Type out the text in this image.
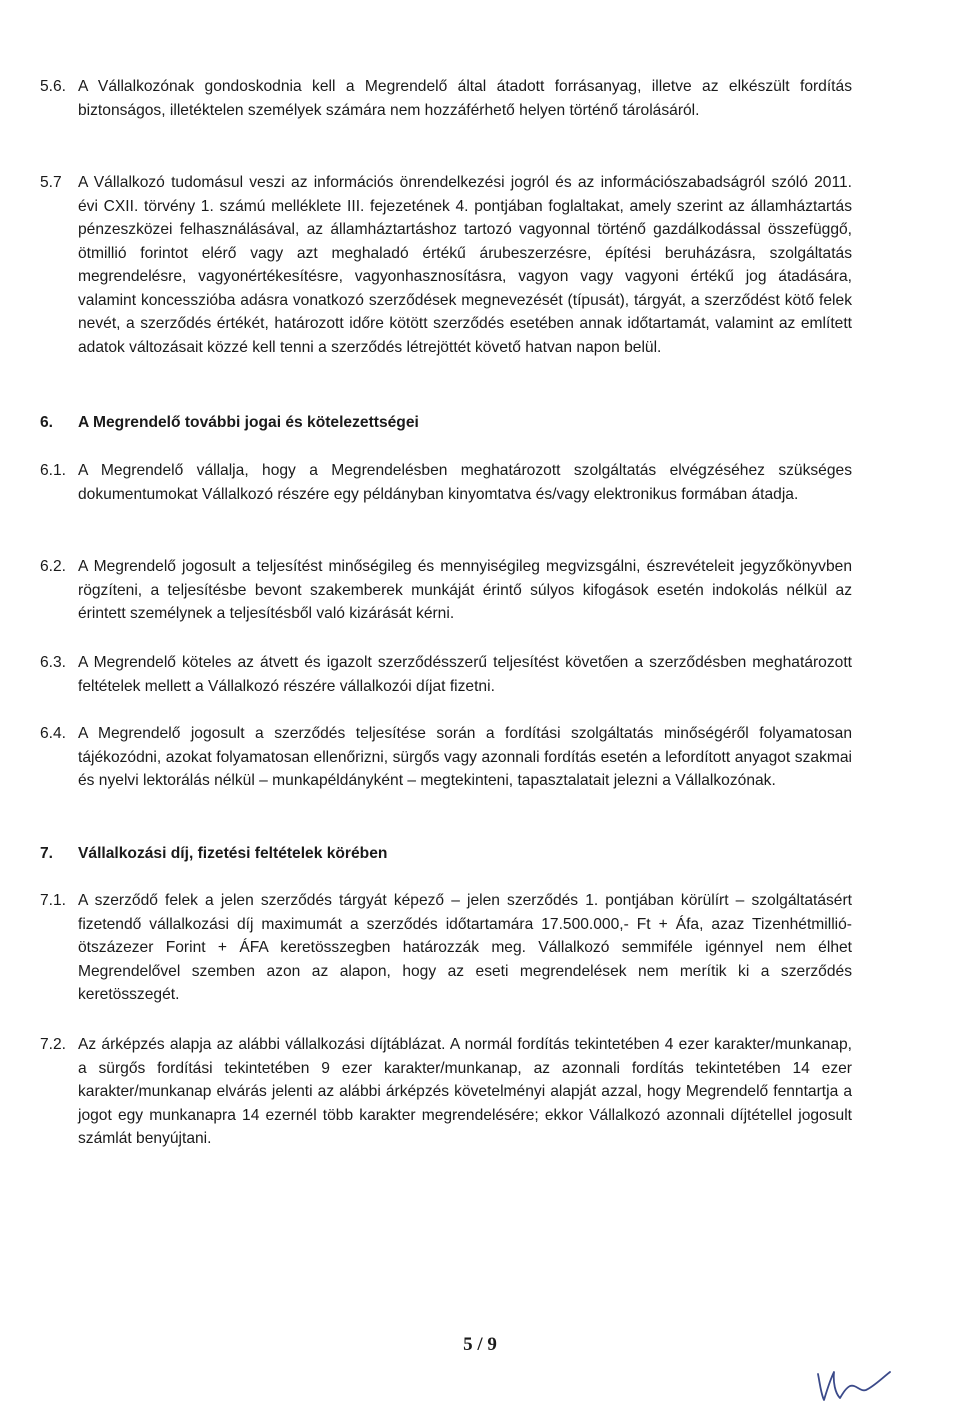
5.6. A Vállalkozónak gondoskodnia kell a Megrendelő által átadott forrásanyag, illetve az elkészült fordítás biztonságos, illetéktelen személyek számára nem hozzáférhető helyen történő tárolásáról.
5.7 A Vállalkozó tudomásul veszi az információs önrendelkezési jogról és az információszabadságról szóló 2011. évi CXII. törvény 1. számú melléklete III. fejezetének 4. pontjában foglaltakat, amely szerint az államháztartás pénzeszközei felhasználásával, az államháztartáshoz tartozó vagyonnal történő gazdálkodással összefüggő, ötmillió forintot elérő vagy azt meghaladó értékű árubeszerzésre, építési beruházásra, szolgáltatás megrendelésre, vagyonértékesítésre, vagyonhasznosításra, vagyon vagy vagyoni értékű jog átadására, valamint koncesszióba adásra vonatkozó szerződések megnevezését (típusát), tárgyát, a szerződést kötő felek nevét, a szerződés értékét, határozott időre kötött szerződés esetében annak időtartamát, valamint az említett adatok változásait közzé kell tenni a szerződés létrejöttét követő hatvan napon belül.
6. A Megrendelő további jogai és kötelezettségei
6.1. A Megrendelő vállalja, hogy a Megrendelésben meghatározott szolgáltatás elvégzéséhez szükséges dokumentumokat Vállalkozó részére egy példányban kinyomtatva és/vagy elektronikus formában átadja.
6.2. A Megrendelő jogosult a teljesítést minőségileg és mennyiségileg megvizsgálni, észrevételeit jegyzőkönyvben rögzíteni, a teljesítésbe bevont szakemberek munkáját érintő súlyos kifogások esetén indokolás nélkül az érintett személynek a teljesítésből való kizárását kérni.
6.3. A Megrendelő köteles az átvett és igazolt szerződésszerű teljesítést követően a szerződésben meghatározott feltételek mellett a Vállalkozó részére vállalkozói díjat fizetni.
6.4. A Megrendelő jogosult a szerződés teljesítése során a fordítási szolgáltatás minőségéről folyamatosan tájékozódni, azokat folyamatosan ellenőrizni, sürgős vagy azonnali fordítás esetén a lefordított anyagot szakmai és nyelvi lektorálás nélkül – munkapéldányként – megtekinteni, tapasztalatait jelezni a Vállalkozónak.
7. Vállalkozási díj, fizetési feltételek körében
7.1. A szerződő felek a jelen szerződés tárgyát képező – jelen szerződés 1. pontjában körülírt – szolgáltatásért fizetendő vállalkozási díj maximumát a szerződés időtartamára 17.500.000,- Ft + Áfa, azaz Tizenhétmillió-ötszázezer Forint + ÁFA keretösszegben határozzák meg. Vállalkozó semmiféle igénnyel nem élhet Megrendelővel szemben azon az alapon, hogy az eseti megrendelések nem merítik ki a szerződés keretösszegét.
7.2. Az árképzés alapja az alábbi vállalkozási díjtáblázat. A normál fordítás tekintetében 4 ezer karakter/munkanap, a sürgős fordítási tekintetében 9 ezer karakter/munkanap, az azonnali fordítás tekintetében 14 ezer karakter/munkanap elvárás jelenti az alábbi árképzés követelményi alapját azzal, hogy Megrendelő fenntartja a jogot egy munkanapra 14 ezernél több karakter megrendelésére; ekkor Vállalkozó azonnali díjtétellel jogosult számlát benyújtani.
5 / 9
